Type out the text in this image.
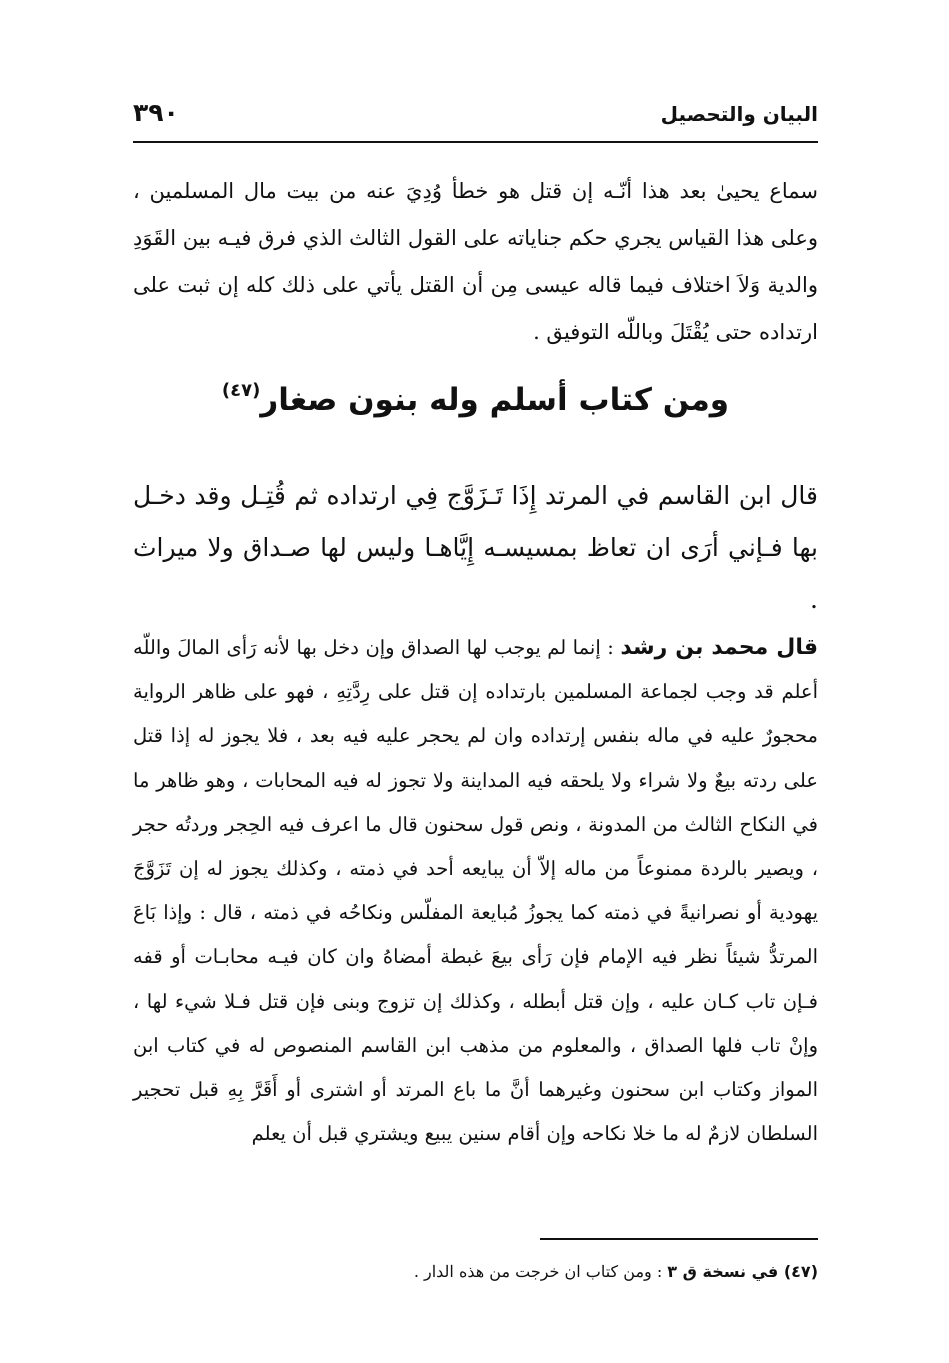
البيان والتحصيل
٣٩٠

سماع يحيىٰ بعد هذا أنّـه إن قتل هو خطأ وُدِيَ عنه من بيت مال المسلمين ، وعلى هذا القياس يجري حكم جناياته على القول الثالث الذي فرق فيـه بين القَوَدِ والدية وَلاَ اختلاف فيما قاله عيسى مِن أن القتل يأتي على ذلك كله إن ثبت على ارتداده حتى يُقْتَلَ وباللّه التوفيق .

ومن كتاب أسلم وله بنون صغار$^{(٤٧)}$

قال ابن القاسم في المرتد إِذَا تَـزَوَّج فِي ارتداده ثم قُتِـل وقد دخـل بها فـإني أرَى ان تعاظ بمسيسـه إِيَّاهـا وليس لها صـداق ولا ميراث .

قال محمد بن رشد : إنما لم يوجب لها الصداق وإن دخل بها لأنه رَأى المالَ واللّه أعلم قد وجب لجماعة المسلمين بارتداده إن قتل على رِدَّتِهِ ، فهو على ظاهر الرواية محجورٌ عليه في ماله بنفس إرتداده وان لم يحجر عليه فيه بعد ، فلا يجوز له إذا قتل على ردته بيعٌ ولا شراء ولا يلحقه فيه المداينة ولا تجوز له فيه المحابات ، وهو ظاهر ما في النكاح الثالث من المدونة ، ونص قول سحنون قال ما اعرف فيه الحِجر وردتُه حجر ، ويصير بالردة ممنوعاً من ماله إلاّ أن يبايعه أحد في ذمته ، وكذلك يجوز له إن تَزَوَّجَ يهودية أو نصرانيةً في ذمته كما يجوزُ مُبايعة المفلّس ونكاحُه في ذمته ، قال : وإذا بَاعَ المرتدُّ شيئاً نظر فيه الإمام فإن رَأى بيعَ غبطة أمضاهُ وان كان فيـه محابـات أو قفه فـإن تاب كـان عليه ، وإن قتل أبطله ، وكذلك إن تزوج وبنى فإن قتل فـلا شيء لها ، وإنْ تاب فلها الصداق ، والمعلوم من مذهب ابن القاسم المنصوص له في كتاب ابن المواز وكتاب ابن سحنون وغيرهما أنَّ ما باع المرتد أو اشترى أو أَقَرَّ بِهِ قبل تحجير السلطان لازمٌ له ما خلا نكاحه وإن أقام سنين يبيع ويشتري قبل أن يعلم

(٤٧) في نسخة ق ٣ : ومن كتاب ان خرجت من هذه الدار .
